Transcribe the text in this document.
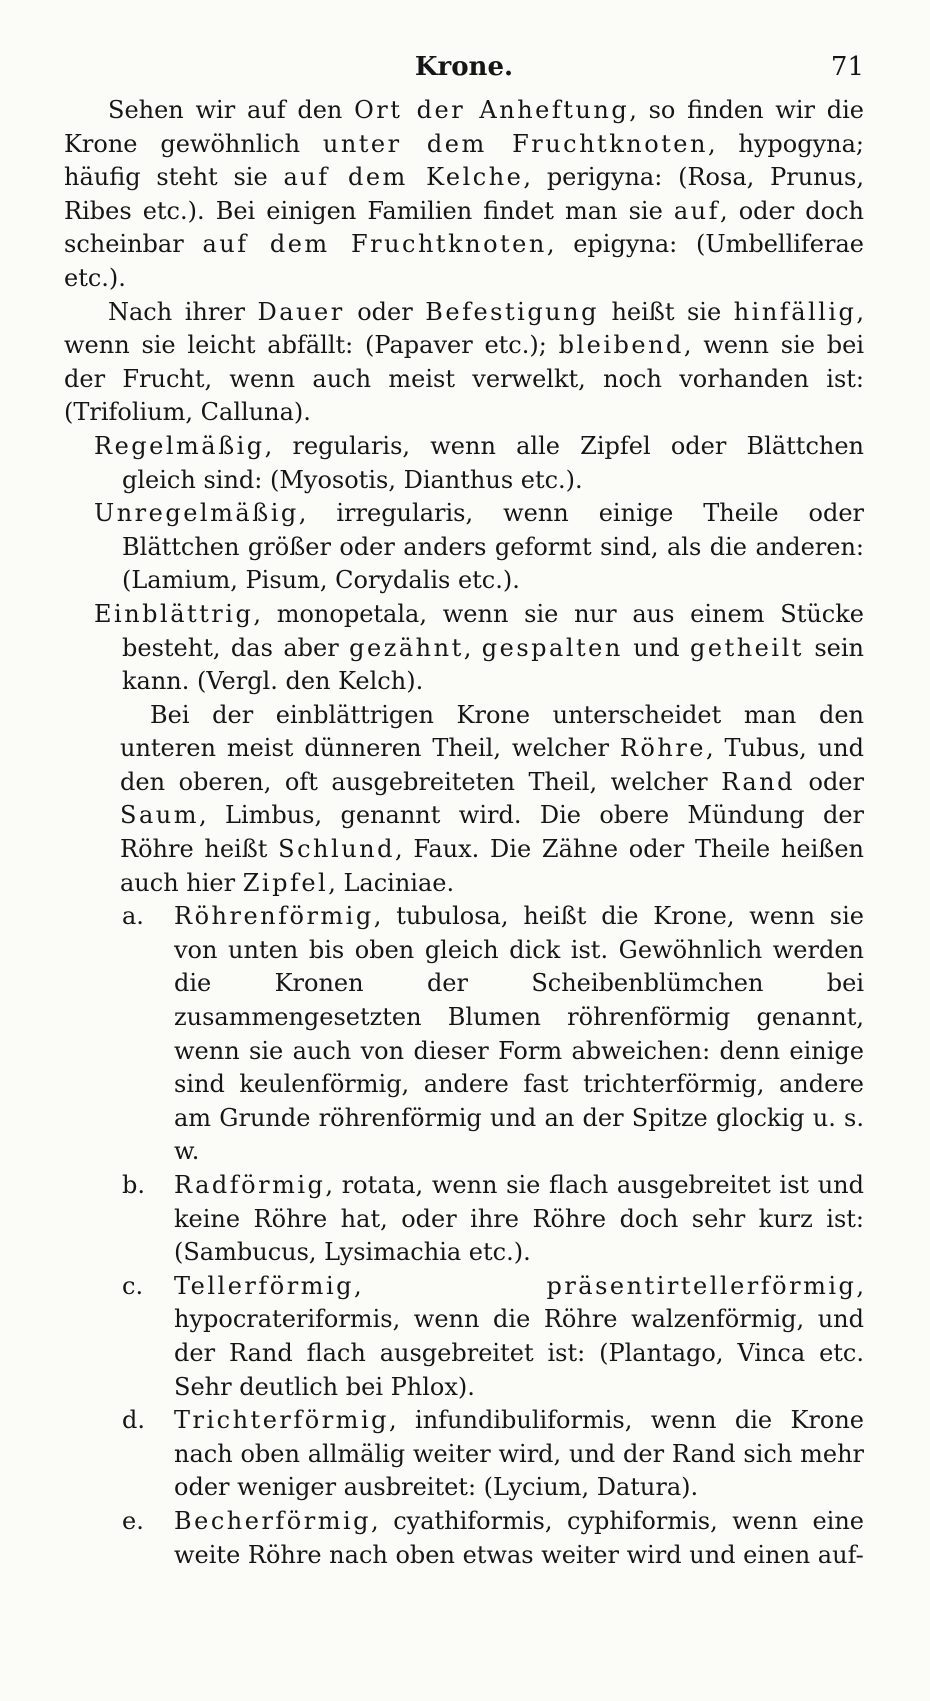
Krone.	71

Sehen wir auf den Ort der Anheftung, so finden wir die Krone gewöhnlich unter dem Fruchtknoten, hypogyna; häufig steht sie auf dem Kelche, perigyna: (Rosa, Prunus, Ribes etc.). Bei einigen Familien findet man sie auf, oder doch scheinbar auf dem Fruchtknoten, epigyna: (Umbelliferae etc.).

Nach ihrer Dauer oder Befestigung heißt sie hinfällig, wenn sie leicht abfällt: (Papaver etc.); bleibend, wenn sie bei der Frucht, wenn auch meist verwelkt, noch vorhanden ist: (Trifolium, Calluna).

Regelmäßig, regularis, wenn alle Zipfel oder Blättchen gleich sind: (Myosotis, Dianthus etc.).

Unregelmäßig, irregularis, wenn einige Theile oder Blättchen größer oder anders geformt sind, als die anderen: (Lamium, Pisum, Corydalis etc.).

Einblättrig, monopetala, wenn sie nur aus einem Stücke besteht, das aber gezähnt, gespalten und getheilt sein kann. (Vergl. den Kelch).

Bei der einblättrigen Krone unterscheidet man den unteren meist dünneren Theil, welcher Röhre, Tubus, und den oberen, oft ausgebreiteten Theil, welcher Rand oder Saum, Limbus, genannt wird. Die obere Mündung der Röhre heißt Schlund, Faux. Die Zähne oder Theile heißen auch hier Zipfel, Laciniae.

a.	Röhrenförmig, tubulosa, heißt die Krone, wenn sie von unten bis oben gleich dick ist. Gewöhnlich werden die Kronen der Scheibenblümchen bei zusammengesetzten Blumen röhrenförmig genannt, wenn sie auch von dieser Form abweichen: denn einige sind keulenförmig, andere fast trichterförmig, andere am Grunde röhrenförmig und an der Spitze glockig u. s. w.
b.	Radförmig, rotata, wenn sie flach ausgebreitet ist und keine Röhre hat, oder ihre Röhre doch sehr kurz ist: (Sambucus, Lysimachia etc.).
c.	Tellerförmig, präsentirtellerförmig, hypocrateriformis, wenn die Röhre walzenförmig, und der Rand flach ausgebreitet ist: (Plantago, Vinca etc. Sehr deutlich bei Phlox).
d.	Trichterförmig, infundibuliformis, wenn die Krone nach oben allmälig weiter wird, und der Rand sich mehr oder weniger ausbreitet: (Lycium, Datura).
e.	Becherförmig, cyathiformis, cyphiformis, wenn eine weite Röhre nach oben etwas weiter wird und einen auf-
